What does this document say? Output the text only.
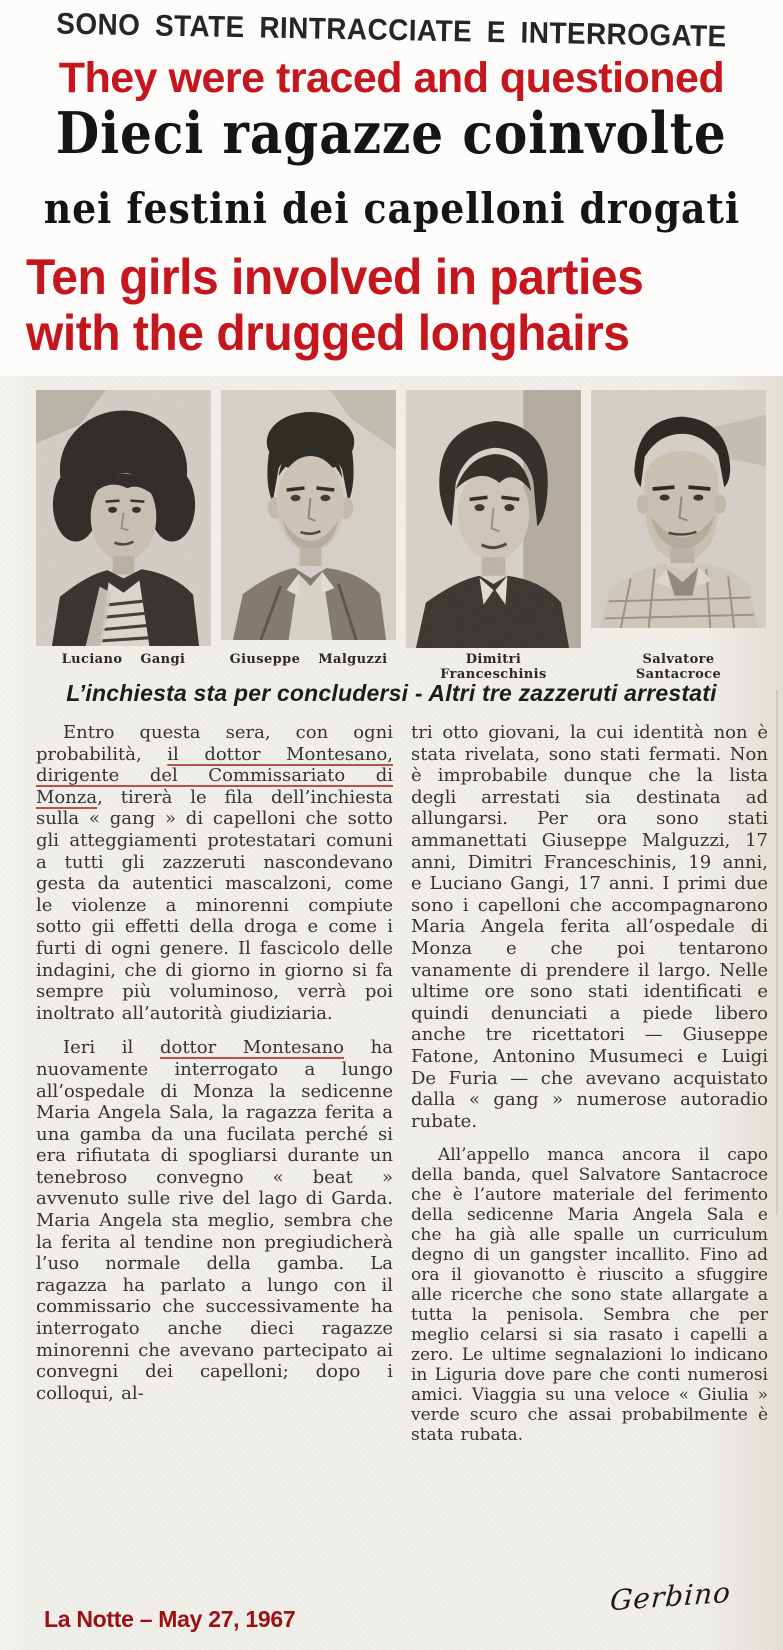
SONO STATE RINTRACCIATE E INTERROGATE
They were traced and questioned
Dieci ragazze coinvolte
nei festini dei capelloni drogati
Ten girls involved in parties
with the drugged longhairs
Luciano Gangi	Giuseppe Malguzzi	Dimitri Franceschinis
Salvatore Santacroce
L’inchiesta sta per concludersi - Altri tre zazzeruti arrestati

Entro questa sera, con ogni probabilità, il dottor Montesano, dirigente del Commissariato di Monza, tirerà le fila dell’inchiesta sulla « gang » di capelloni che sotto gli atteggiamenti protestatari comuni a tutti gli zazzeruti nascondevano gesta da autentici mascalzoni, come le violenze a minorenni compiute sotto gii effetti della droga e come i furti di ogni genere. Il fascicolo delle indagini, che di giorno in giorno si fa sempre più voluminoso, verrà poi inoltrato all’autorità giudiziaria.

Ieri il dottor Montesano ha nuovamente interrogato a lungo all’ospedale di Monza la sedicenne Maria Angela Sala, la ragazza ferita a una gamba da una fucilata perché si era rifiutata di spogliarsi durante un tenebroso convegno « beat » avvenuto sulle rive del lago di Garda. Maria Angela sta meglio, sembra che la ferita al tendine non pregiudicherà l’uso normale della gamba. La ragazza ha parlato a lungo con il commissario che successivamente ha interrogato anche dieci ragazze minorenni che avevano partecipato ai convegni dei capelloni; dopo i colloqui, al-

tri otto giovani, la cui identità non è stata rivelata, sono stati fermati. Non è improbabile dunque che la lista degli arrestati sia destinata ad allungarsi. Per ora sono stati ammanettati Giuseppe Malguzzi, 17 anni, Dimitri Franceschinis, 19 anni, e Luciano Gangi, 17 anni. I primi due sono i capelloni che accompagnarono Maria Angela ferita all’ospedale di Monza e che poi tentarono vanamente di prendere il largo. Nelle ultime ore sono stati identificati e quindi denunciati a piede libero anche tre ricettatori — Giuseppe Fatone, Antonino Musumeci e Luigi De Furia — che avevano acquistato dalla « gang » numerose autoradio rubate.

All’appello manca ancora il capo della banda, quel Salvatore Santacroce che è l’autore materiale del ferimento della sedicenne Maria Angela Sala e che ha già alle spalle un curriculum degno di un gangster incallito. Fino ad ora il giovanotto è riuscito a sfuggire alle ricerche che sono state allargate a tutta la penisola. Sembra che per meglio celarsi si sia rasato i capelli a zero. Le ultime segnalazioni lo indicano in Liguria dove pare che conti numerosi amici. Viaggia su una veloce « Giulia » verde scuro che assai probabilmente è stata rubata.

La Notte – May 27, 1967
Gerbino
